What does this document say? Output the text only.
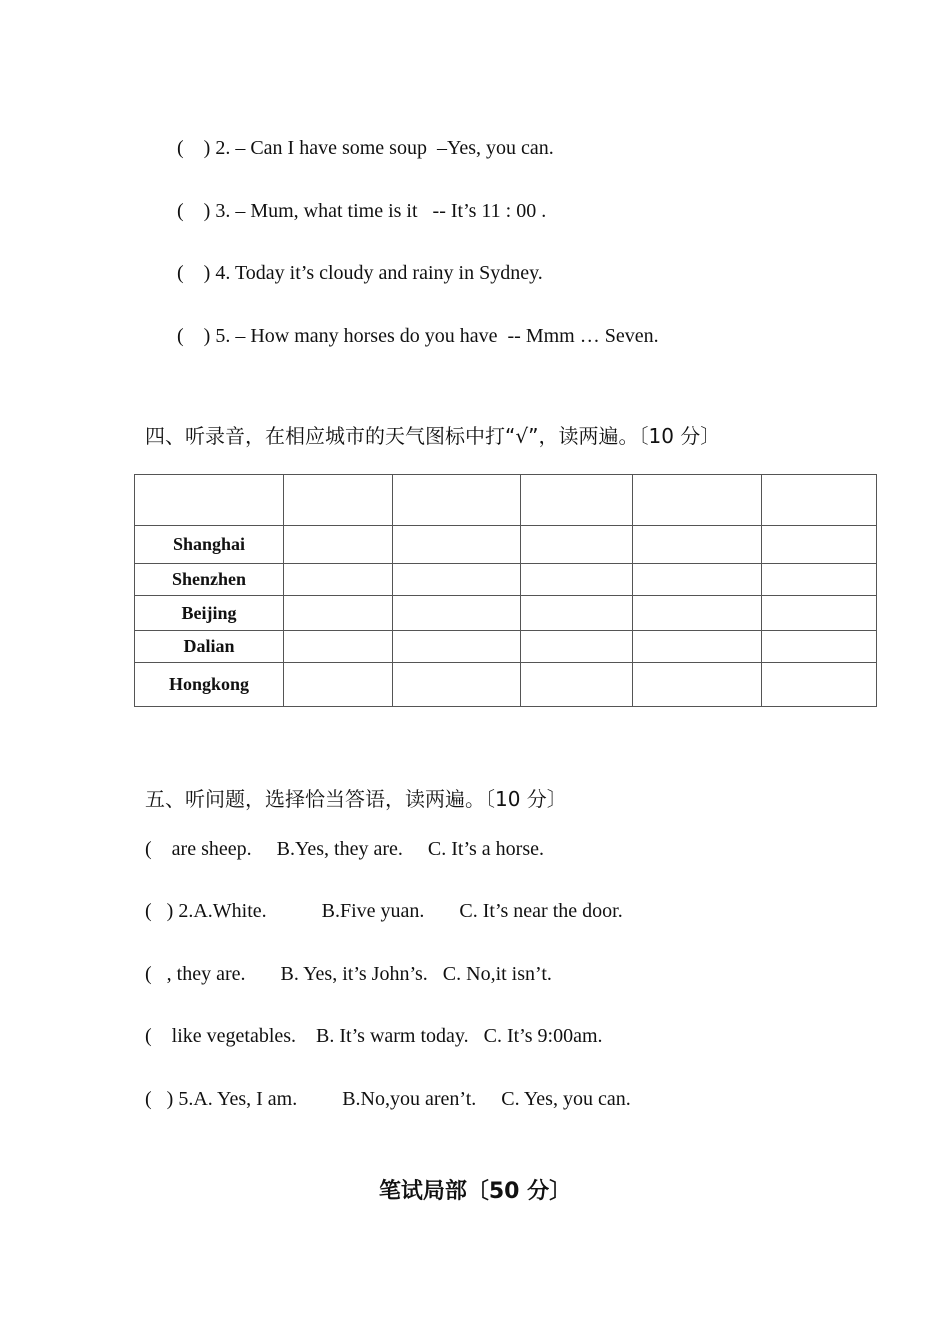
(    ) 2. – Can I have some soup  –Yes, you can.
(    ) 3. – Mum, what time is it   -- It’s 11 : 00 .
(    ) 4. Today it’s cloudy and rainy in Sydney.
(    ) 5. – How many horses do you have  -- Mmm … Seven.
四、听录音，在相应城市的天气图标中打“√”，读两遍。〔10 分〕

Shanghai					
Shenzhen					
Beijing					
Dalian					
Hongkong					
五、听问题，选择恰当答语，读两遍。〔10 分〕
(    are sheep.     B.Yes, they are.     C. It’s a horse.
(   ) 2.A.White.           B.Five yuan.       C. It’s near the door.
(   , they are.       B. Yes, it’s John’s.   C. No,it isn’t.
(    like vegetables.    B. It’s warm today.   C. It’s 9:00am.
(   ) 5.A. Yes, I am.         B.No,you aren’t.     C. Yes, you can.
笔试局部〔50 分〕
